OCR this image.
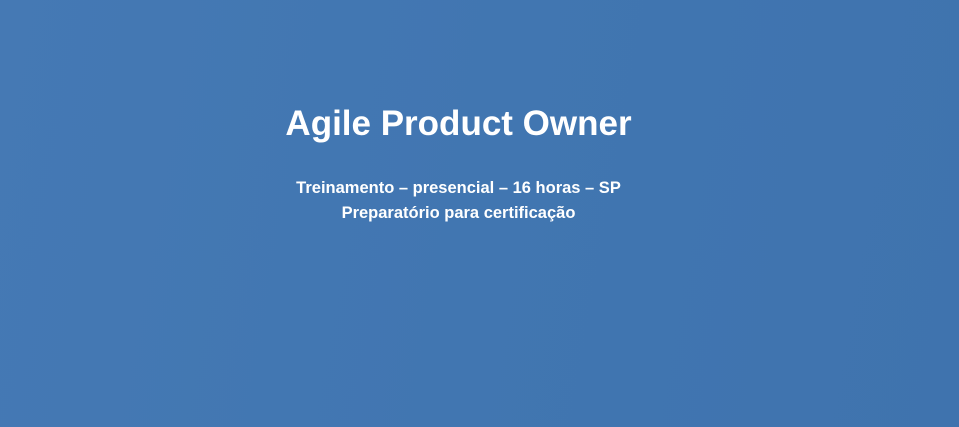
Agile Product Owner
Treinamento – presencial – 16 horas – SP
Preparatório para certificação
